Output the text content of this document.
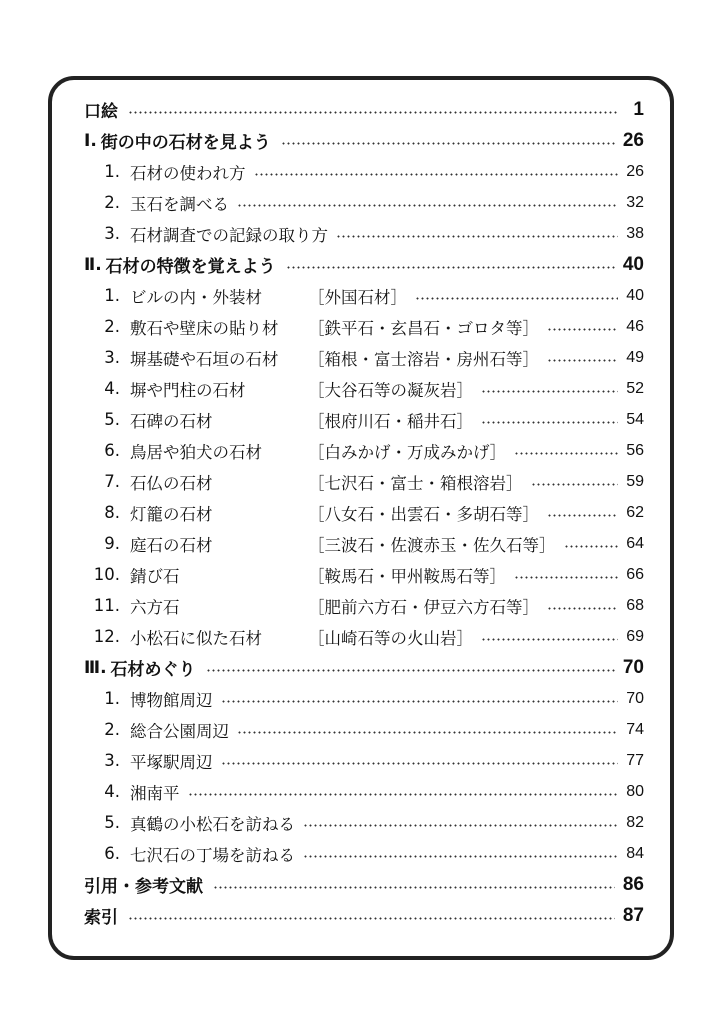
口絵	1
Ⅰ. 街の中の石材を見よう	26
1. 石材の使われ方	26
2. 玉石を調べる	32
3. 石材調査での記録の取り方	38
Ⅱ. 石材の特徴を覚えよう	40
1. ビルの内・外装材	［外国石材］	40
2. 敷石や壁床の貼り材	［鉄平石・玄昌石・ゴロタ等］	46
3. 塀基礎や石垣の石材	［箱根・富士溶岩・房州石等］	49
4. 塀や門柱の石材	［大谷石等の凝灰岩］	52
5. 石碑の石材	［根府川石・稲井石］	54
6. 鳥居や狛犬の石材	［白みかげ・万成みかげ］	56
7. 石仏の石材	［七沢石・富士・箱根溶岩］	59
8. 灯籠の石材	［八女石・出雲石・多胡石等］	62
9. 庭石の石材	［三波石・佐渡赤玉・佐久石等］	64
10. 錆び石	［鞍馬石・甲州鞍馬石等］	66
11. 六方石	［肥前六方石・伊豆六方石等］	68
12. 小松石に似た石材	［山崎石等の火山岩］	69
Ⅲ. 石材めぐり	70
1. 博物館周辺	70
2. 総合公園周辺	74
3. 平塚駅周辺	77
4. 湘南平	80
5. 真鶴の小松石を訪ねる	82
6. 七沢石の丁場を訪ねる	84
引用・参考文献	86
索引	87
